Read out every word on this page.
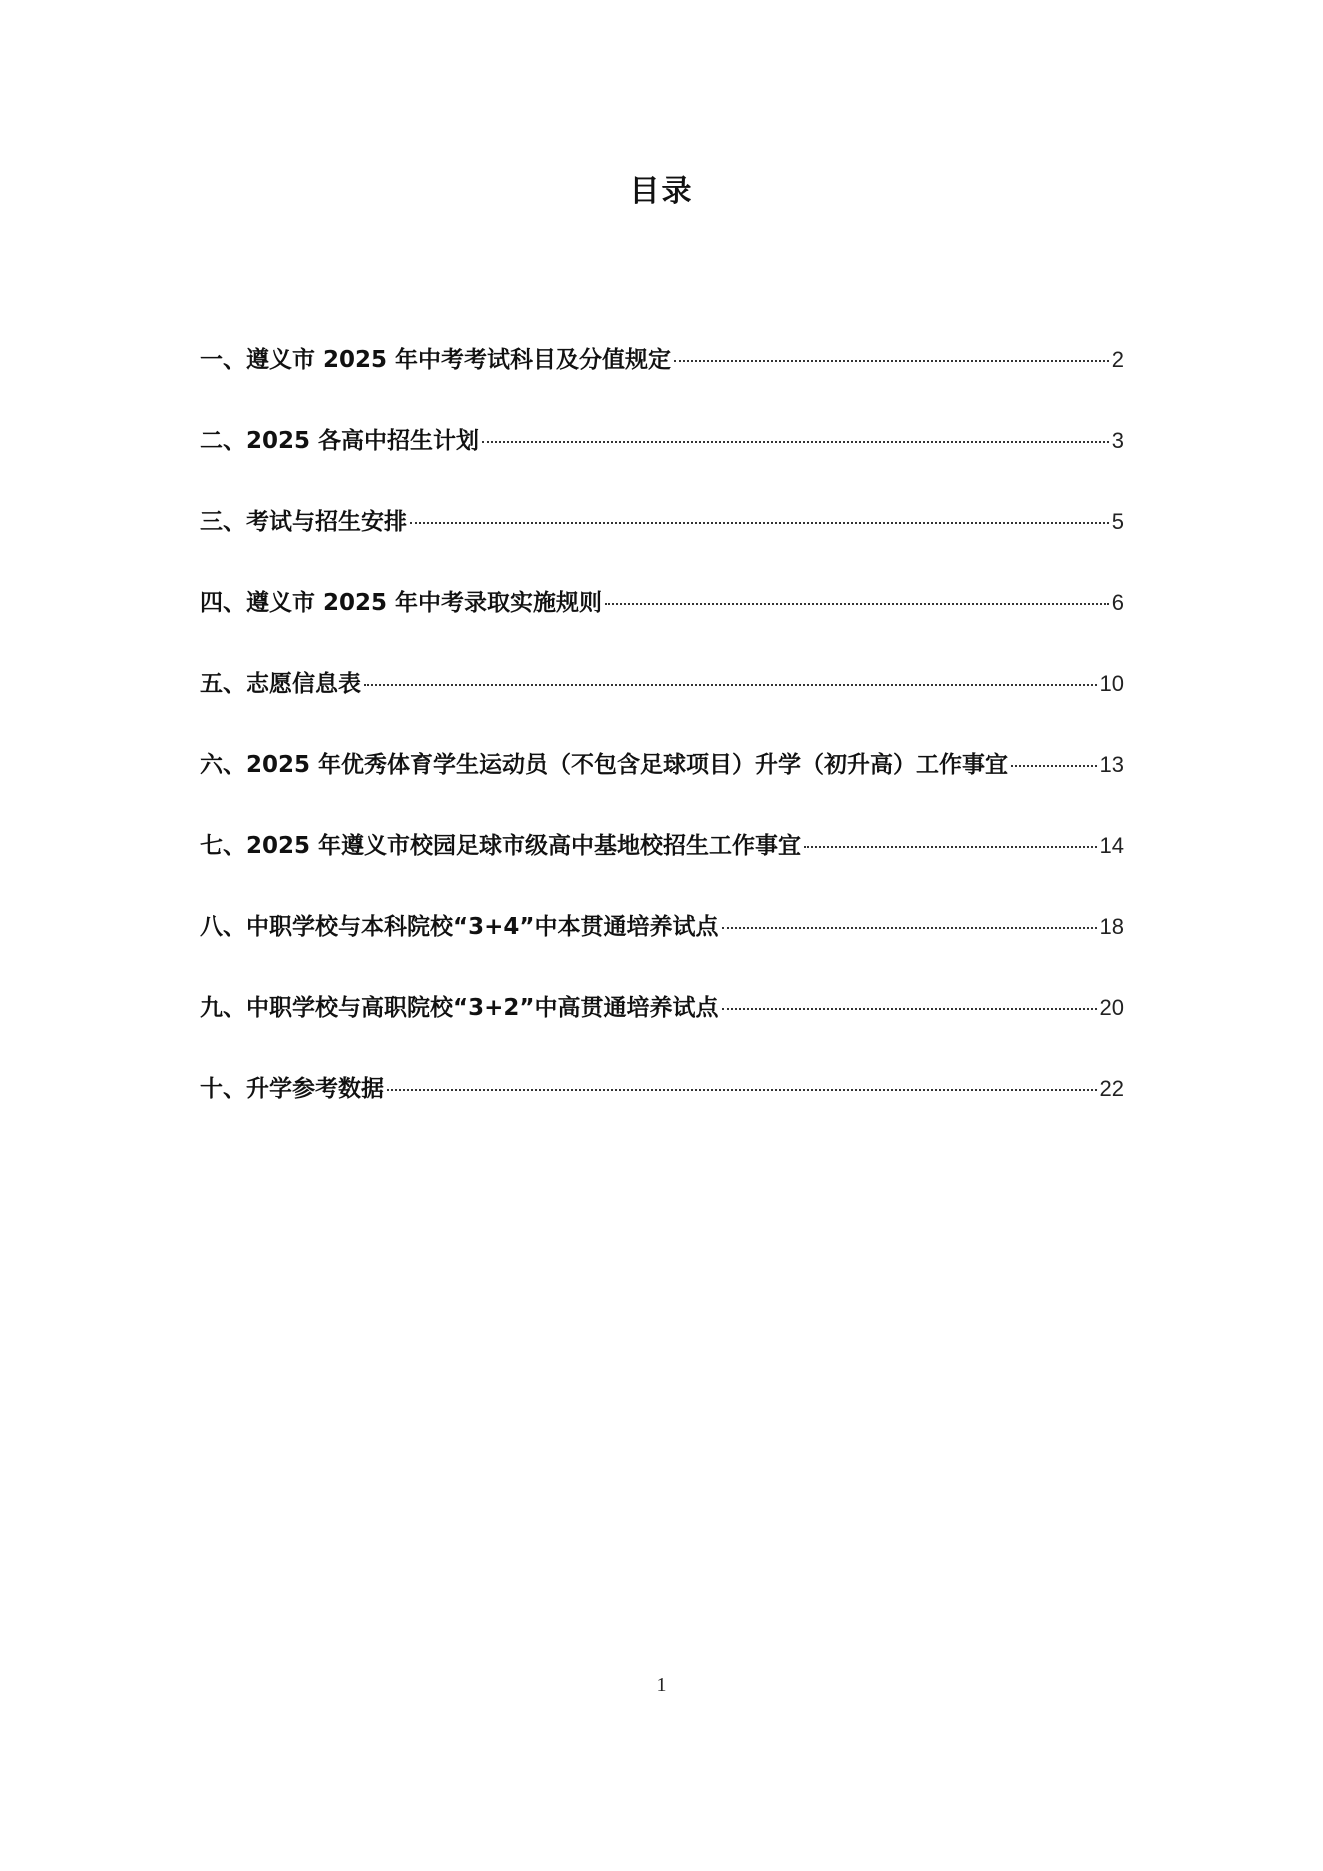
目录
一、遵义市 2025 年中考考试科目及分值规定	2
二、2025 各高中招生计划	3
三、考试与招生安排	5
四、遵义市 2025 年中考录取实施规则	6
五、志愿信息表	10
六、2025 年优秀体育学生运动员（不包含足球项目）升学（初升高）工作事宜	13
七、2025 年遵义市校园足球市级高中基地校招生工作事宜	14
八、中职学校与本科院校“3+4”中本贯通培养试点	18
九、中职学校与高职院校“3+2”中高贯通培养试点	20
十、升学参考数据	22
1
